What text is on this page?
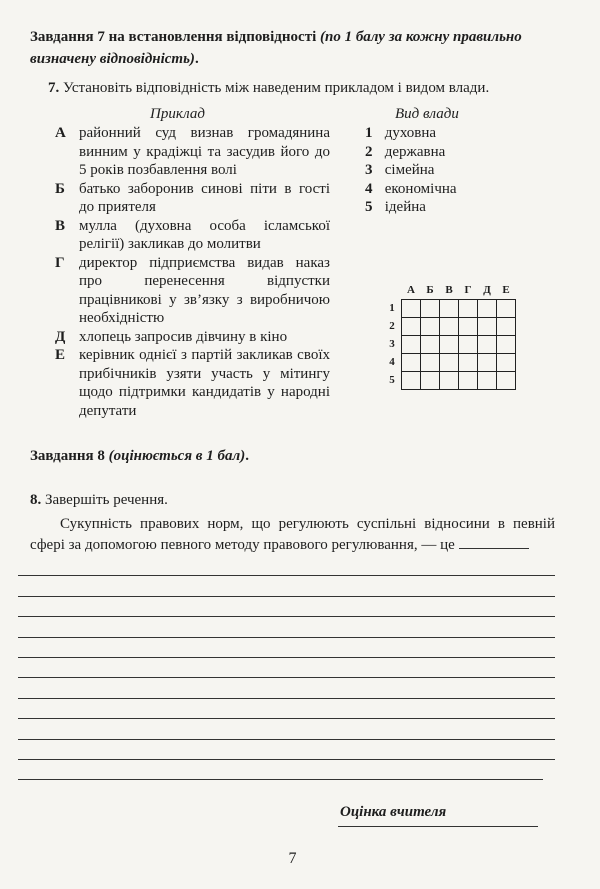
Завдання 7 на встановлення відповідності (по 1 балу за кожну правильно визначену відповідність).
7. Установіть відповідність між наведеним прикладом і видом влади.
Приклад
А районний суд визнав громадянина винним у крадіжці та засудив його до 5 років позбавлення волі
Б батько заборонив синові піти в гості до приятеля
В мулла (духовна особа ісламської релігії) закликав до молитви
Г директор підприємства видав наказ про перенесення відпустки працівникові у зв’язку з виробничою необхідністю
Д хлопець запросив дівчину в кіно
Е керівник однієї з партій закликав своїх прибічників узяти участь у мітингу щодо підтримки кандидатів у народні депутати
Вид влади
1 духовна
2 державна
3 сімейна
4 економічна
5 ідейна
	А	Б	В	Г	Д	Е
1						
2						
3						
4						
5						
Завдання 8 (оцінюється в 1 бал).
8. Завершіть речення.
Сукупність правових норм, що регулюють суспільні відносини в певній сфері за допомогою певного методу правового регулювання, — це
Оцінка вчителя
7
